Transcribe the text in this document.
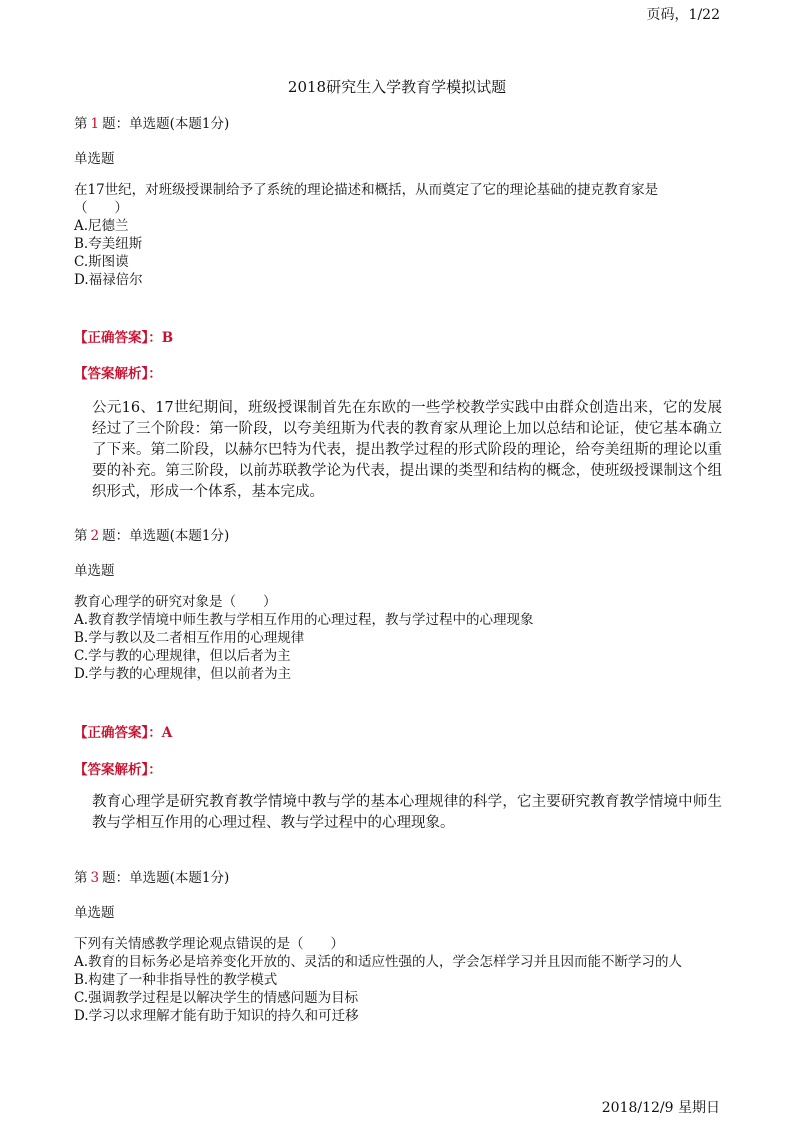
页码，1/22
2018研究生入学教育学模拟试题
第 1 题：单选题(本题1分)
单选题
在17世纪，对班级授课制给予了系统的理论描述和概括，从而奠定了它的理论基础的捷克教育家是
（　　）
A.尼德兰
B.夸美纽斯
C.斯图谟
D.福禄倍尔
【正确答案】：B
【答案解析】：
公元16、17世纪期间，班级授课制首先在东欧的一些学校教学实践中由群众创造出来，它的发展经过了三个阶段：第一阶段，以夸美纽斯为代表的教育家从理论上加以总结和论证，使它基本确立了下来。第二阶段，以赫尔巴特为代表，提出教学过程的形式阶段的理论，给夸美纽斯的理论以重要的补充。第三阶段，以前苏联教学论为代表，提出课的类型和结构的概念，使班级授课制这个组织形式，形成一个体系，基本完成。
第 2 题：单选题(本题1分)
单选题
教育心理学的研究对象是（　　）
A.教育教学情境中师生教与学相互作用的心理过程，教与学过程中的心理现象
B.学与教以及二者相互作用的心理规律
C.学与教的心理规律，但以后者为主
D.学与教的心理规律，但以前者为主
【正确答案】：A
【答案解析】：
教育心理学是研究教育教学情境中教与学的基本心理规律的科学，它主要研究教育教学情境中师生教与学相互作用的心理过程、教与学过程中的心理现象。
第 3 题：单选题(本题1分)
单选题
下列有关情感教学理论观点错误的是（　　）
A.教育的目标务必是培养变化开放的、灵活的和适应性强的人，学会怎样学习并且因而能不断学习的人
B.构建了一种非指导性的教学模式
C.强调教学过程是以解决学生的情感问题为目标
D.学习以求理解才能有助于知识的持久和可迁移
2018/12/9 星期日
